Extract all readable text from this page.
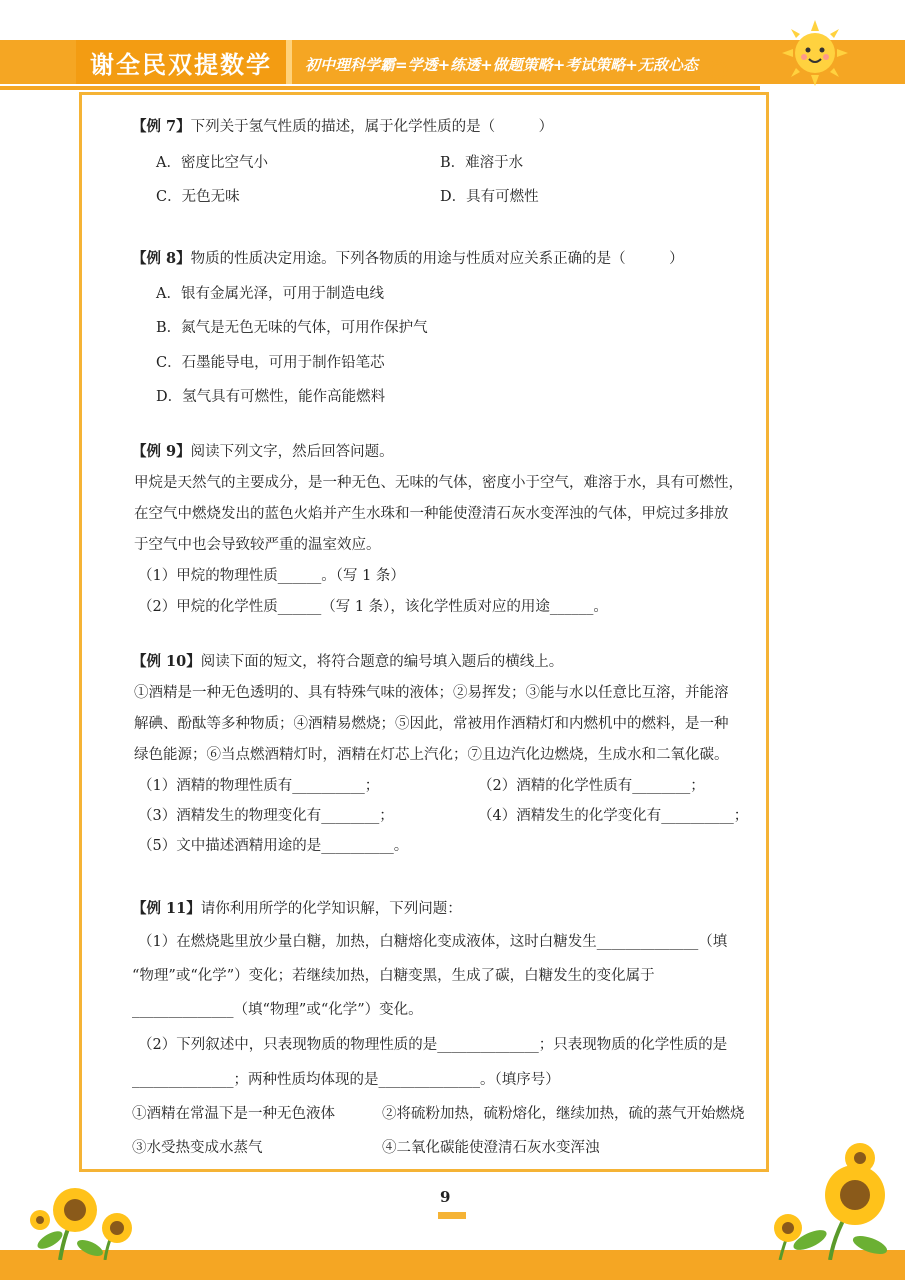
谢全民双提数学	初中理科学霸=学透+练透+做题策略+考试策略+无敌心态
【例 7】下列关于氢气性质的描述，属于化学性质的是（　　　）
A．密度比空气小	B．难溶于水
C．无色无味	D．具有可燃性
【例 8】物质的性质决定用途。下列各物质的用途与性质对应关系正确的是（　　　）
A．银有金属光泽，可用于制造电线
B．氮气是无色无味的气体，可用作保护气
C．石墨能导电，可用于制作铅笔芯
D．氢气具有可燃性，能作高能燃料
【例 9】阅读下列文字，然后回答问题。
甲烷是天然气的主要成分，是一种无色、无味的气体，密度小于空气，难溶于水，具有可燃性，
在空气中燃烧发出的蓝色火焰并产生水珠和一种能使澄清石灰水变浑浊的气体，甲烷过多排放
于空气中也会导致较严重的温室效应。
（1）甲烷的物理性质______。（写 1 条）
（2）甲烷的化学性质______（写 1 条），该化学性质对应的用途______。
【例 10】阅读下面的短文，将符合题意的编号填入题后的横线上。
①酒精是一种无色透明的、具有特殊气味的液体；②易挥发；③能与水以任意比互溶，并能溶
解碘、酚酞等多种物质；④酒精易燃烧；⑤因此，常被用作酒精灯和内燃机中的燃料，是一种
绿色能源；⑥当点燃酒精灯时，酒精在灯芯上汽化；⑦且边汽化边燃烧，生成水和二氧化碳。
（1）酒精的物理性质有__________；	（2）酒精的化学性质有________；
（3）酒精发生的物理变化有________；	（4）酒精发生的化学变化有__________；
（5）文中描述酒精用途的是__________。
【例 11】请你利用所学的化学知识解，下列问题：
（1）在燃烧匙里放少量白糖，加热，白糖熔化变成液体，这时白糖发生______________（填
“物理”或“化学”）变化；若继续加热，白糖变黑，生成了碳，白糖发生的变化属于
______________（填“物理”或“化学”）变化。
（2）下列叙述中，只表现物质的物理性质的是______________；只表现物质的化学性质的是
______________；两种性质均体现的是______________。（填序号）
①酒精在常温下是一种无色液体	②将硫粉加热，硫粉熔化，继续加热，硫的蒸气开始燃烧
③水受热变成水蒸气	④二氧化碳能使澄清石灰水变浑浊
9
